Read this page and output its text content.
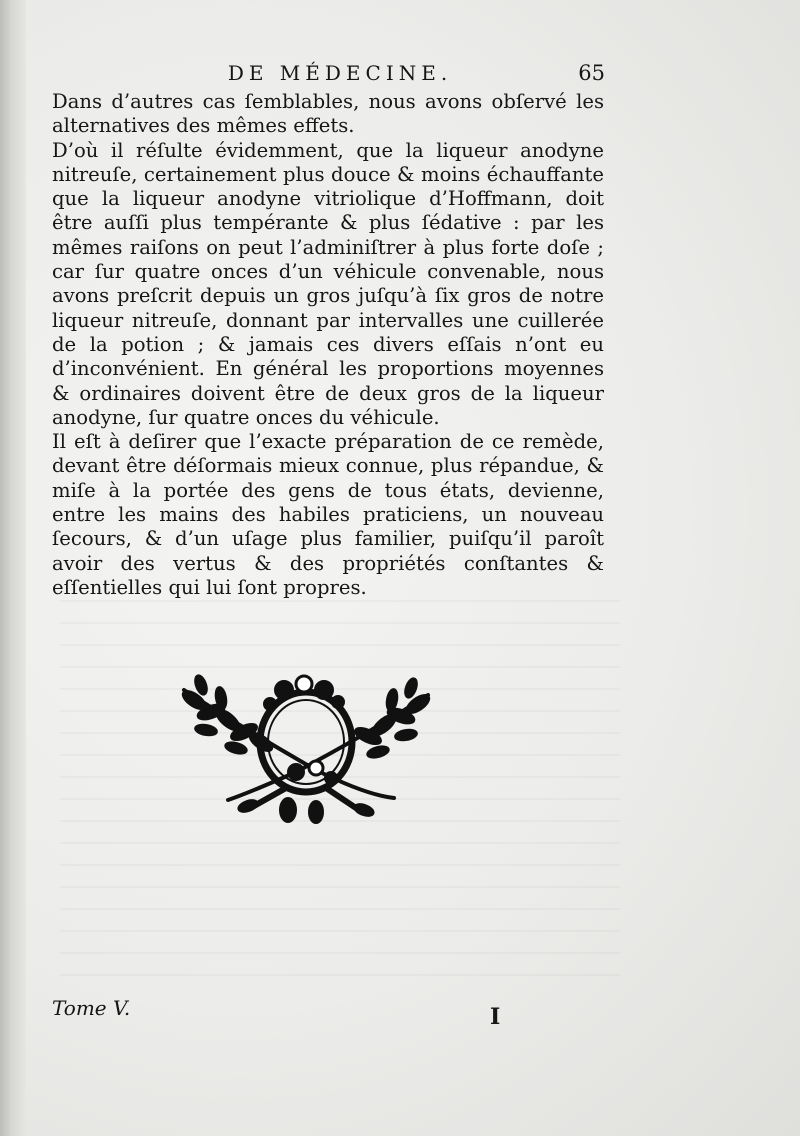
DE MÉDECINE.	65

Dans d’autres cas ſemblables, nous avons obſervé les alternatives des mêmes effets.

D’où il réſulte évidemment, que la liqueur anodyne nitreuſe, certainement plus douce & moins échauffante que la liqueur anodyne vitriolique d’Hoffmann, doit être auſſi plus tempérante & plus ſédative : par les mêmes raiſons on peut l’adminiſtrer à plus forte doſe ; car ſur quatre onces d’un véhicule convenable, nous avons preſcrit depuis un gros juſqu’à ſix gros de notre liqueur nitreuſe, donnant par intervalles une cuillerée de la potion ; & jamais ces divers eſſais n’ont eu d’inconvénient. En général les proportions moyennes & ordinaires doivent être de deux gros de la liqueur anodyne, ſur quatre onces du véhicule.

Il eſt à deſirer que l’exacte préparation de ce remède, devant être déſormais mieux connue, plus répandue, & miſe à la portée des gens de tous états, devienne, entre les mains des habiles praticiens, un nouveau ſecours, & d’un uſage plus familier, puiſqu’il paroît avoir des vertus & des propriétés conſtantes & eſſentielles qui lui ſont propres.

Tome V.	I
